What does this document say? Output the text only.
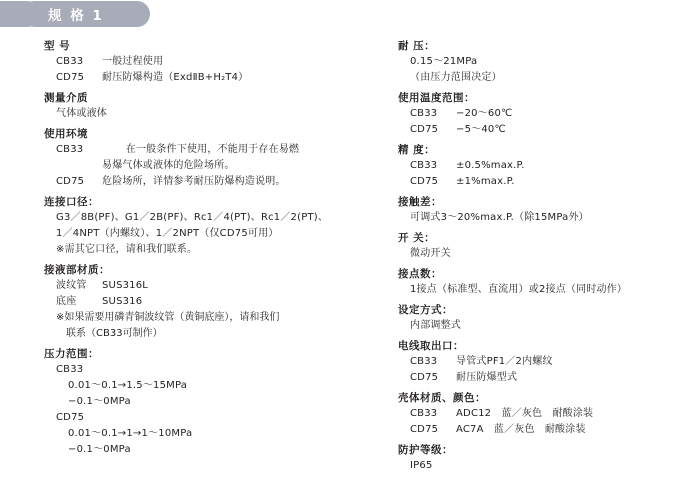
规 格 1
型 号
CB33	一般过程使用
CD75	耐压防爆构造（ExdⅡB+H₂T4）
测量介质
气体或液体
使用环境
CB33	　　 在一般条件下使用，不能用于存在易燃
易爆气体或液体的危险场所。
CD75	危险场所，详情参考耐压防爆构造说明。
连接口径：
G3／8B(PF)、G1／2B(PF)、Rc1／4(PT)、Rc1／2(PT)、
1／4NPT（内螺纹）、1／2NPT（仅CD75可用）
※需其它口径，请和我们联系。
接液部材质：
波纹管	SUS316L
底座	SUS316
※如果需要用磷青铜波纹管（黄铜底座），请和我们
　联系（CB33可制作）
压力范围：
CB33
0.01～0.1→1.5～15MPa
−0.1～0MPa
CD75
0.01～0.1→1→1～10MPa
−0.1～0MPa
耐 压：
0.15～21MPa
（由压力范围决定）
使用温度范围：
CB33	−20～60℃
CD75	−5～40℃
精 度：
CB33	±0.5%max.P.
CD75	±1%max.P.
接触差：
可调式3～20%max.P.（除15MPa外）
开 关：
微动开关
接点数：
1接点（标准型、直流用）或2接点（同时动作）
设定方式：
内部调整式
电线取出口：
CB33	导管式PF1／2内螺纹
CD75	耐压防爆型式
壳体材质、颜色：
CB33	ADC12　蓝／灰色　耐酸涂装
CD75	AC7A　蓝／灰色　耐酸涂装
防护等级：
IP65
